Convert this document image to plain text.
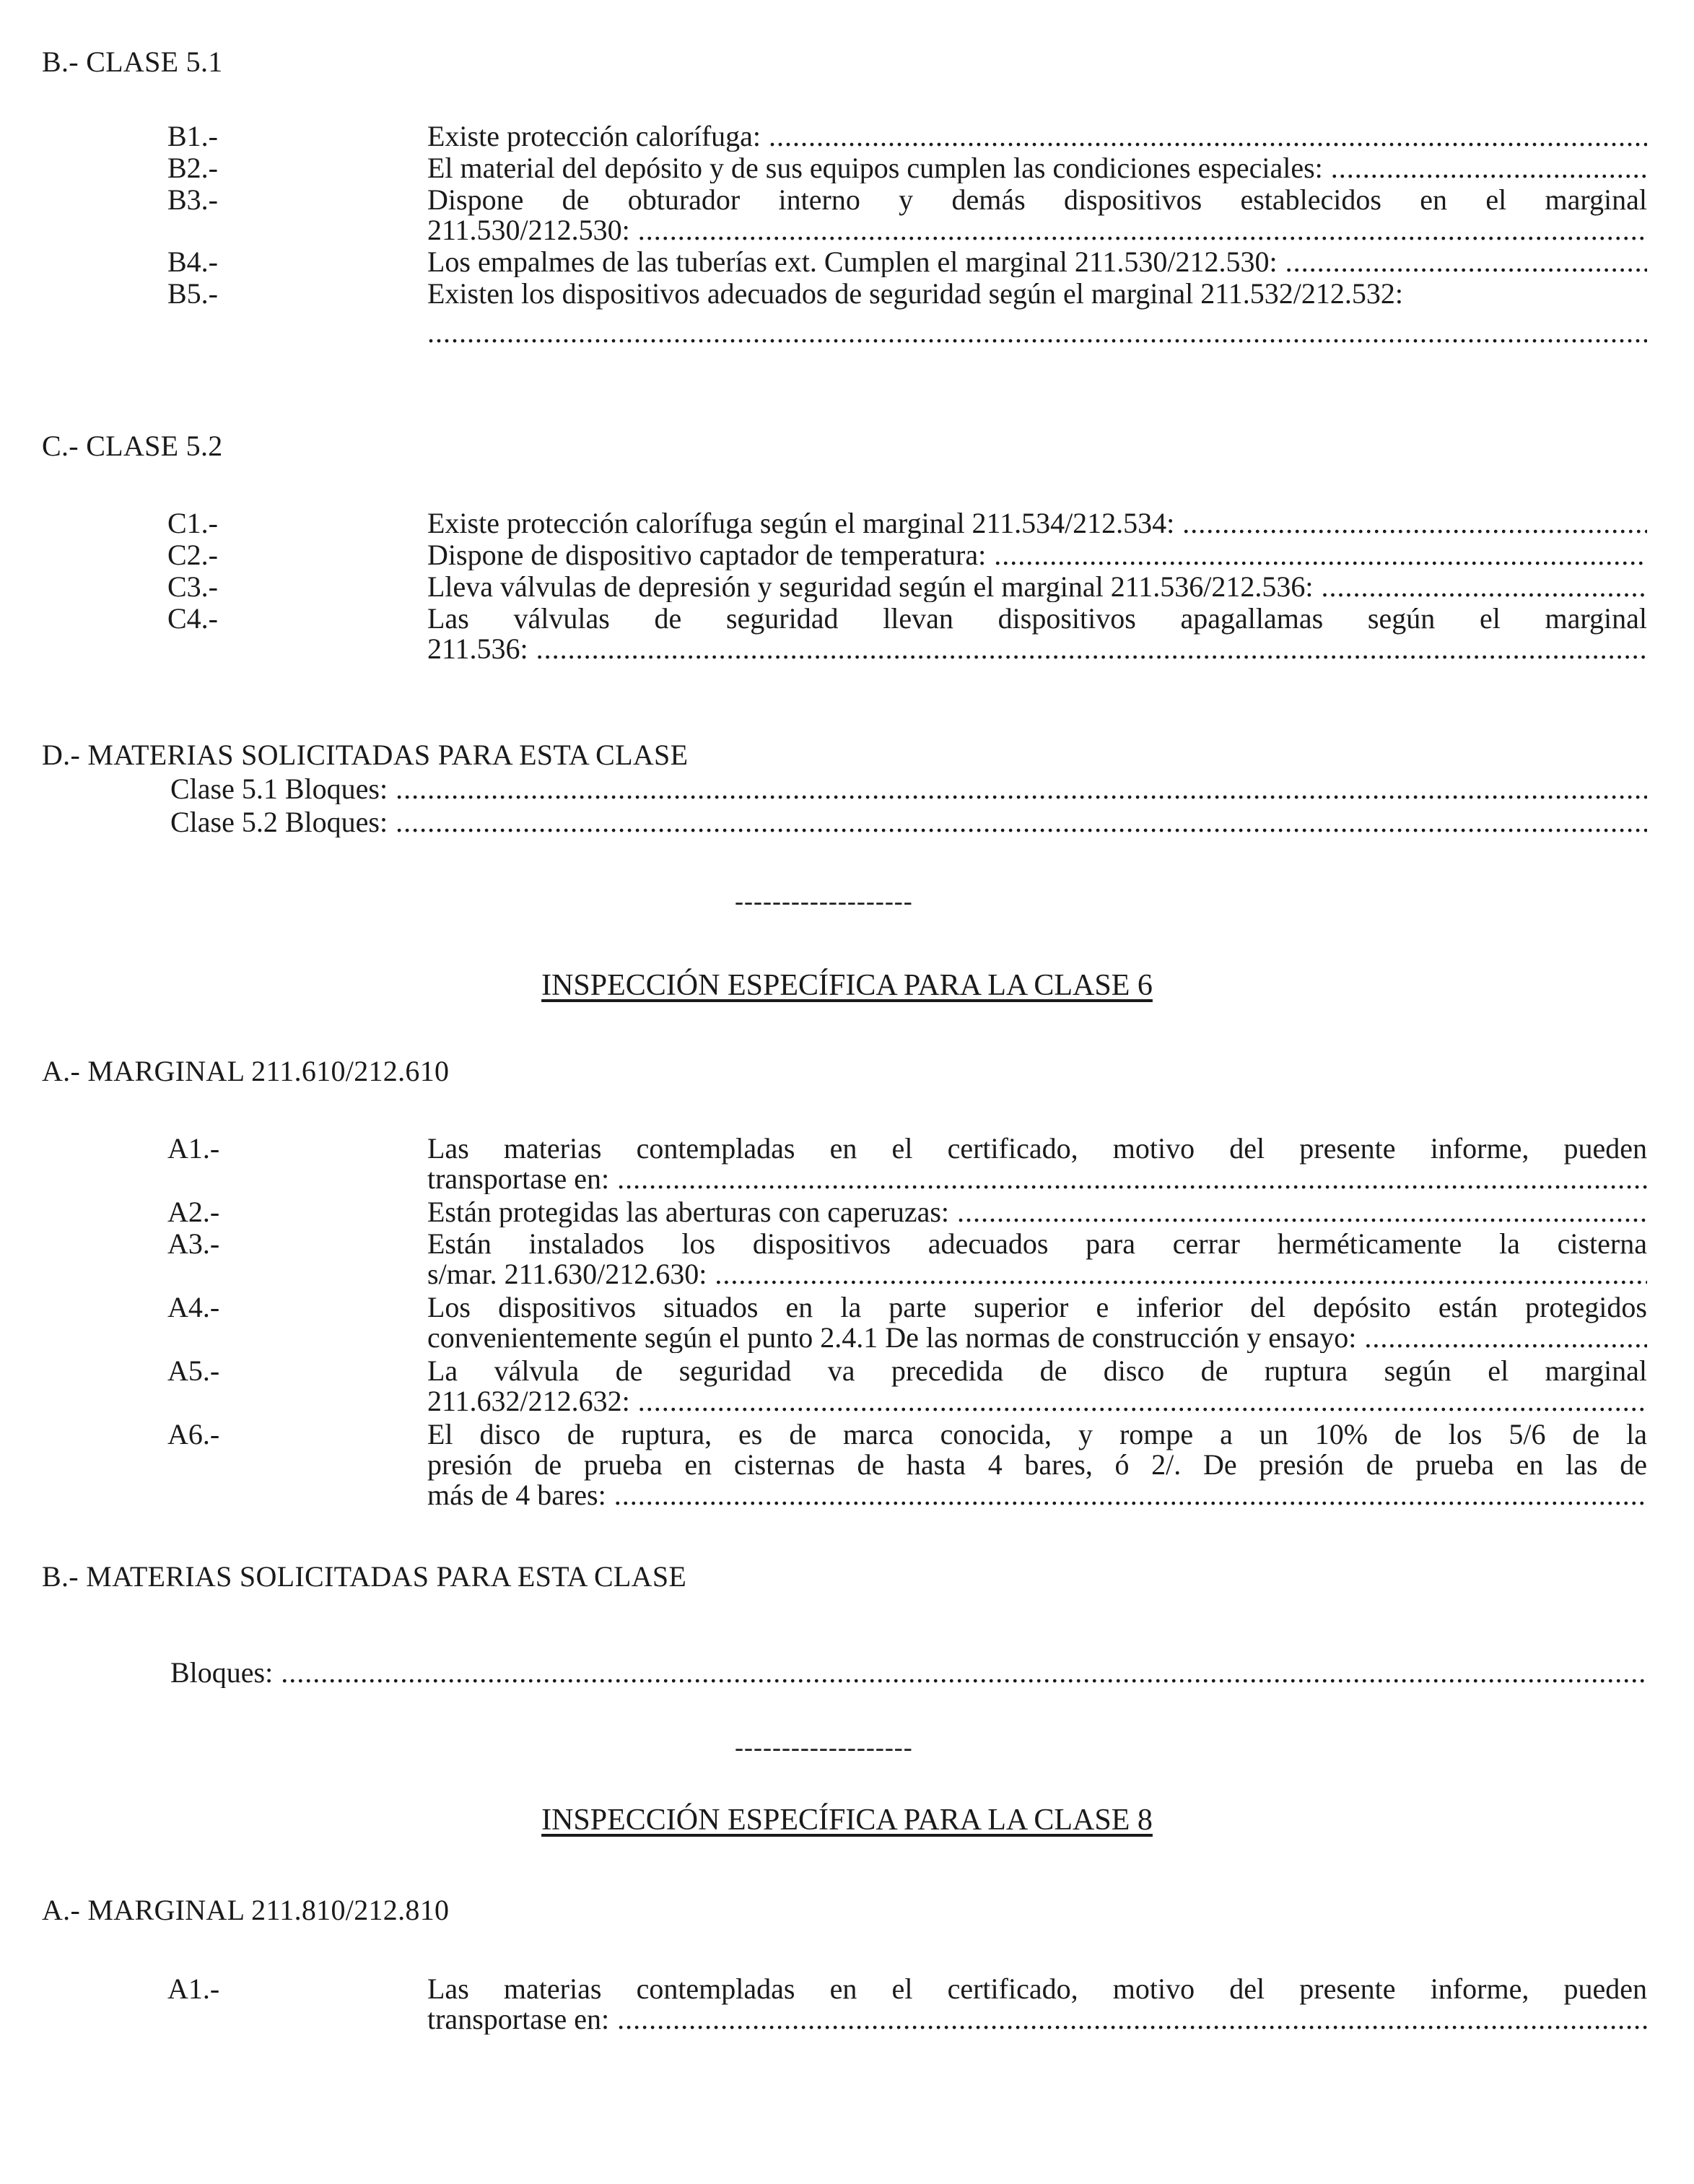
B.- CLASE 5.1
B1.-	Existe protección calorífuga: .....
B2.-	El material del depósito y de sus equipos cumplen las condiciones especiales: .....
B3.-	Dispone de obturador interno y demás dispositivos establecidos en el marginal
211.530/212.530: .....
B4.-	Los empalmes de las tuberías ext. Cumplen el marginal 211.530/212.530: .....
B5.-	Existen los dispositivos adecuados de seguridad según el marginal 211.532/212.532:
.....
C.- CLASE 5.2
C1.-	Existe protección calorífuga según el marginal 211.534/212.534: .....
C2.-	Dispone de dispositivo captador de temperatura: .....
C3.-	Lleva válvulas de depresión y seguridad según el marginal 211.536/212.536: .....
C4.-	Las válvulas de seguridad llevan dispositivos apagallamas según el marginal
211.536: .....
D.- MATERIAS SOLICITADAS PARA ESTA CLASE
Clase 5.1 Bloques: .....
Clase 5.2 Bloques: .....
-------------------
INSPECCIÓN ESPECÍFICA PARA LA CLASE 6
A.- MARGINAL 211.610/212.610
A1.-	Las materias contempladas en el certificado, motivo del presente informe, pueden
transportase en: .....
A2.-	Están protegidas las aberturas con caperuzas: .....
A3.-	Están instalados los dispositivos adecuados para cerrar herméticamente la cisterna
s/mar. 211.630/212.630: .....
A4.-	Los dispositivos situados en la parte superior e inferior del depósito están protegidos
convenientemente según el punto 2.4.1 De las normas de construcción y ensayo: .....
A5.-	La válvula de seguridad va precedida de disco de ruptura según el marginal
211.632/212.632: .....
A6.-	El disco de ruptura, es de marca conocida, y rompe a un 10% de los 5/6 de la
presión de prueba en cisternas de hasta 4 bares, ó 2/. De presión de prueba en las de
más de 4 bares: .....
B.- MATERIAS SOLICITADAS PARA ESTA CLASE
Bloques: .....
-------------------
INSPECCIÓN ESPECÍFICA PARA LA CLASE 8
A.- MARGINAL 211.810/212.810
A1.-	Las materias contempladas en el certificado, motivo del presente informe, pueden
transportase en: .....
